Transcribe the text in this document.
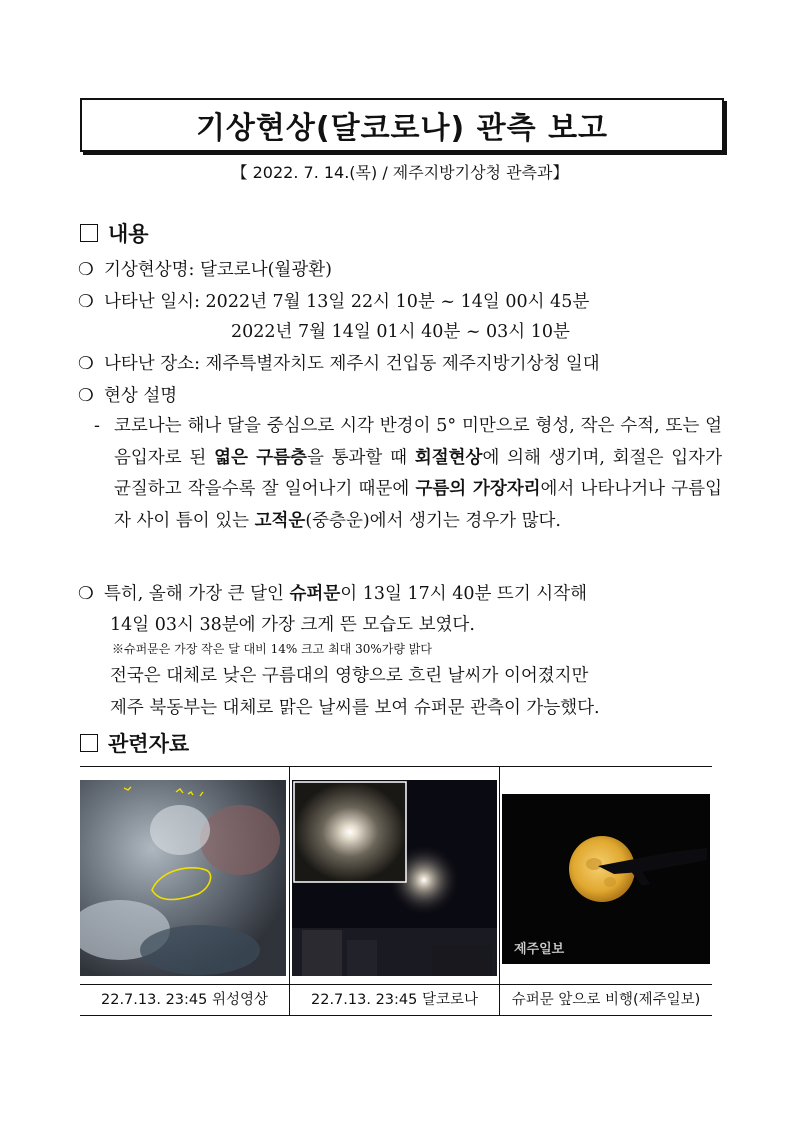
기상현상(달코로나) 관측 보고
【 2022. 7. 14.(목) / 제주지방기상청 관측과】
내용
❍ 기상현상명: 달코로나(월광환)
❍ 나타난 일시: 2022년 7월 13일 22시 10분 ~ 14일 00시 45분
2022년 7월 14일 01시 40분 ~ 03시 10분
❍ 나타난 장소: 제주특별자치도 제주시 건입동 제주지방기상청 일대
❍ 현상 설명
- 코로나는 해나 달을 중심으로 시각 반경이 5° 미만으로 형성, 작은 수적, 또는 얼음입자로 된 엷은 구름층을 통과할 때 회절현상에 의해 생기며, 회절은 입자가 균질하고 작을수록 잘 일어나기 때문에 구름의 가장자리에서 나타나거나 구름입자 사이 틈이 있는 고적운(중층운)에서 생기는 경우가 많다.
❍ 특히, 올해 가장 큰 달인 슈퍼문이 13일 17시 40분 뜨기 시작해
14일 03시 38분에 가장 크게 뜬 모습도 보였다.
※슈퍼문은 가장 작은 달 대비 14% 크고 최대 30%가량 밝다
전국은 대체로 낮은 구름대의 영향으로 흐린 날씨가 이어졌지만
제주 북동부는 대체로 맑은 날씨를 보여 슈퍼문 관측이 가능했다.
관련자료
제주일보
22.7.13. 23:45 위성영상	22.7.13. 23:45 달코로나	슈퍼문 앞으로 비행(제주일보)
